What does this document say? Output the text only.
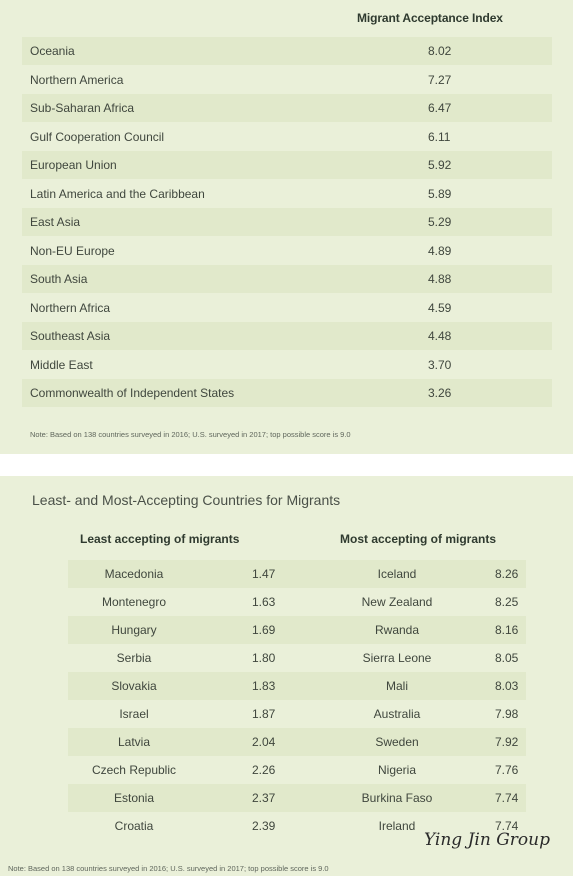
Migrant Acceptance Index
Oceania	8.02
Northern America	7.27
Sub-Saharan Africa	6.47
Gulf Cooperation Council	6.11
European Union	5.92
Latin America and the Caribbean	5.89
East Asia	5.29
Non-EU Europe	4.89
South Asia	4.88
Northern Africa	4.59
Southeast Asia	4.48
Middle East	3.70
Commonwealth of Independent States	3.26
Note: Based on 138 countries surveyed in 2016; U.S. surveyed in 2017; top possible score is 9.0
Least- and Most-Accepting Countries for Migrants
Least accepting of migrants	Most accepting of migrants
Macedonia	1.47	Iceland	8.26
Montenegro	1.63	New Zealand	8.25
Hungary	1.69	Rwanda	8.16
Serbia	1.80	Sierra Leone	8.05
Slovakia	1.83	Mali	8.03
Israel	1.87	Australia	7.98
Latvia	2.04	Sweden	7.92
Czech Republic	2.26	Nigeria	7.76
Estonia	2.37	Burkina Faso	7.74
Croatia	2.39	Ireland	7.74
Ying Jin Group
Note: Based on 138 countries surveyed in 2016; U.S. surveyed in 2017; top possible score is 9.0
